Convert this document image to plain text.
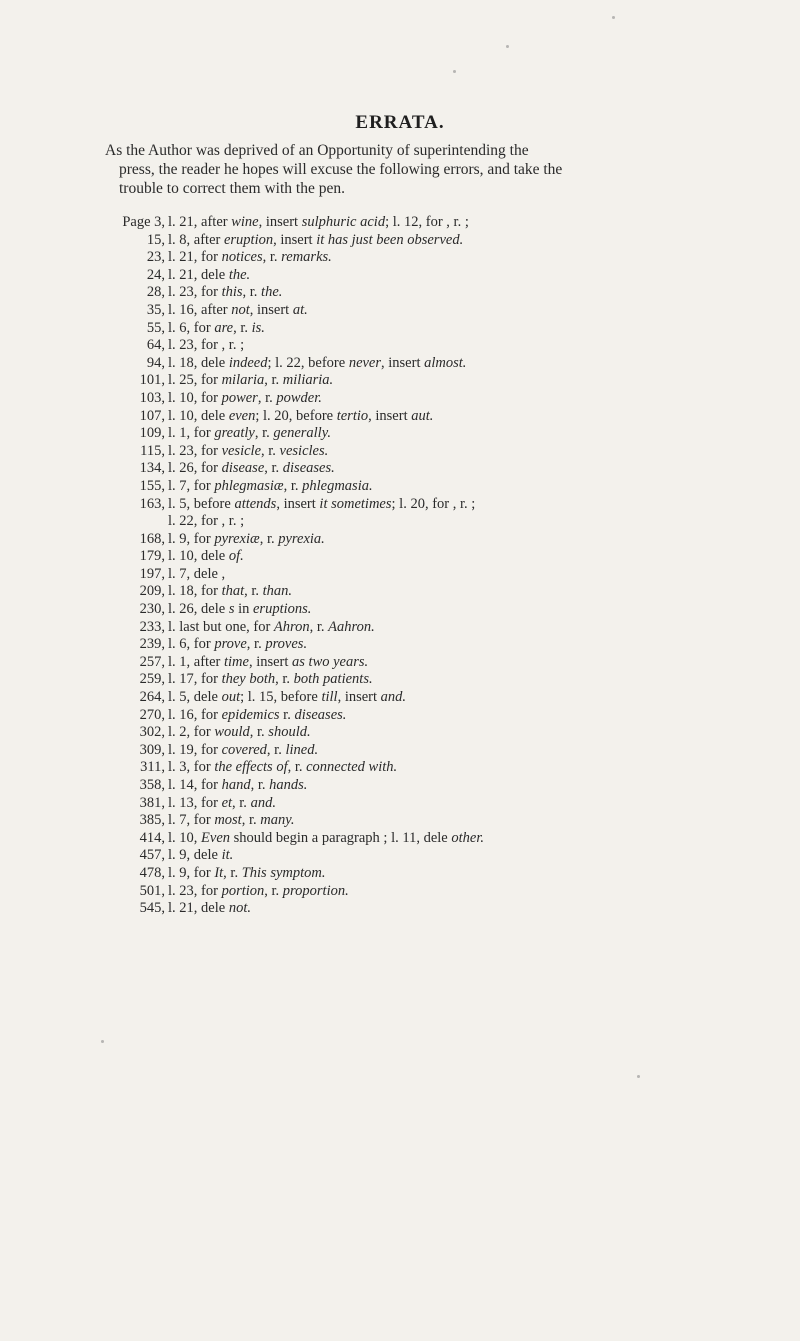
ERRATA.
As the Author was deprived of an Opportunity of superintending the
press, the reader he hopes will excuse the following errors, and take the
trouble to correct them with the pen.
Page 3, l. 21, after wine, insert sulphuric acid; l. 12, for , r. ;
15, l. 8, after eruption, insert it has just been observed.
23, l. 21, for notices, r. remarks.
24, l. 21, dele the.
28, l. 23, for this, r. the.
35, l. 16, after not, insert at.
55, l. 6, for are, r. is.
64, l. 23, for , r. ;
94, l. 18, dele indeed; l. 22, before never, insert almost.
101, l. 25, for milaria, r. miliaria.
103, l. 10, for power, r. powder.
107, l. 10, dele even; l. 20, before tertio, insert aut.
109, l. 1, for greatly, r. generally.
115, l. 23, for vesicle, r. vesicles.
134, l. 26, for disease, r. diseases.
155, l. 7, for phlegmasiæ, r. phlegmasia.
163, l. 5, before attends, insert it sometimes; l. 20, for , r. ;
l. 22, for , r. ;
168, l. 9, for pyrexiæ, r. pyrexia.
179, l. 10, dele of.
197, l. 7, dele ,
209, l. 18, for that, r. than.
230, l. 26, dele s in eruptions.
233, l. last but one, for Ahron, r. Aahron.
239, l. 6, for prove, r. proves.
257, l. 1, after time, insert as two years.
259, l. 17, for they both, r. both patients.
264, l. 5, dele out; l. 15, before till, insert and.
270, l. 16, for epidemics r. diseases.
302, l. 2, for would, r. should.
309, l. 19, for covered, r. lined.
311, l. 3, for the effects of, r. connected with.
358, l. 14, for hand, r. hands.
381, l. 13, for et, r. and.
385, l. 7, for most, r. many.
414, l. 10, Even should begin a paragraph ; l. 11, dele other.
457, l. 9, dele it.
478, l. 9, for It, r. This symptom.
501, l. 23, for portion, r. proportion.
545, l. 21, dele not.
